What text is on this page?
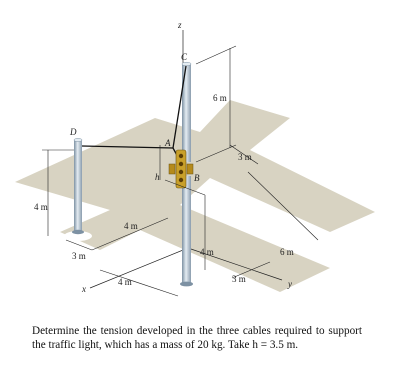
z
x	y
A
B
C
D
h
6 m
3 m
4 m
4 m
3 m
4 m
4 m	6 m
3 m

Determine the tension developed in the three cables required to support the traffic light, which has a mass of 20 kg. Take h = 3.5 m.
